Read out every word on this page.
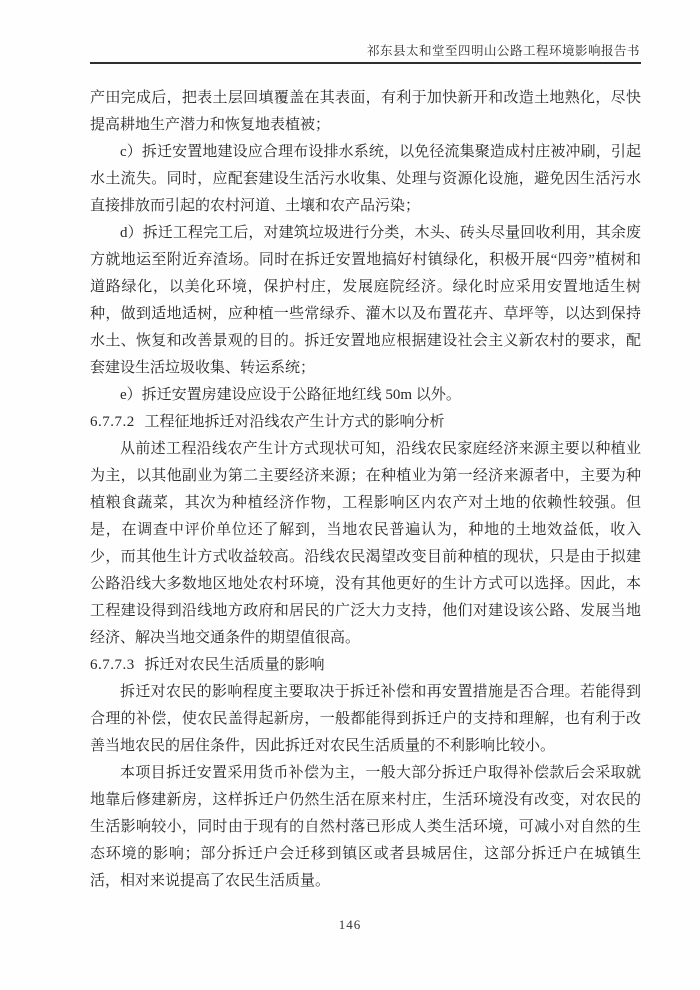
祁东县太和堂至四明山公路工程环境影响报告书

产田完成后，把表土层回填覆盖在其表面，有利于加快新开和改造土地熟化，尽快提高耕地生产潜力和恢复地表植被；

c）拆迁安置地建设应合理布设排水系统，以免径流集聚造成村庄被冲刷，引起水土流失。同时，应配套建设生活污水收集、处理与资源化设施，避免因生活污水直接排放而引起的农村河道、土壤和农产品污染；

d）拆迁工程完工后，对建筑垃圾进行分类，木头、砖头尽量回收利用，其余废方就地运至附近弃渣场。同时在拆迁安置地搞好村镇绿化，积极开展“四旁”植树和道路绿化，以美化环境，保护村庄，发展庭院经济。绿化时应采用安置地适生树种，做到适地适树，应种植一些常绿乔、灌木以及布置花卉、草坪等，以达到保持水土、恢复和改善景观的目的。拆迁安置地应根据建设社会主义新农村的要求，配套建设生活垃圾收集、转运系统；

e）拆迁安置房建设应设于公路征地红线 50m 以外。

6.7.7.2 工程征地拆迁对沿线农产生计方式的影响分析

从前述工程沿线农产生计方式现状可知，沿线农民家庭经济来源主要以种植业为主，以其他副业为第二主要经济来源；在种植业为第一经济来源者中，主要为种植粮食蔬菜，其次为种植经济作物，工程影响区内农产对土地的依赖性较强。但是，在调查中评价单位还了解到，当地农民普遍认为，种地的土地效益低，收入少，而其他生计方式收益较高。沿线农民渴望改变目前种植的现状，只是由于拟建公路沿线大多数地区地处农村环境，没有其他更好的生计方式可以选择。因此，本工程建设得到沿线地方政府和居民的广泛大力支持，他们对建设该公路、发展当地经济、解决当地交通条件的期望值很高。

6.7.7.3 拆迁对农民生活质量的影响

拆迁对农民的影响程度主要取决于拆迁补偿和再安置措施是否合理。若能得到合理的补偿，使农民盖得起新房，一般都能得到拆迁户的支持和理解，也有利于改善当地农民的居住条件，因此拆迁对农民生活质量的不利影响比较小。

本项目拆迁安置采用货币补偿为主，一般大部分拆迁户取得补偿款后会采取就地靠后修建新房，这样拆迁户仍然生活在原来村庄，生活环境没有改变，对农民的生活影响较小，同时由于现有的自然村落已形成人类生活环境，可减小对自然的生态环境的影响；部分拆迁户会迁移到镇区或者县城居住，这部分拆迁户在城镇生活，相对来说提高了农民生活质量。

146
